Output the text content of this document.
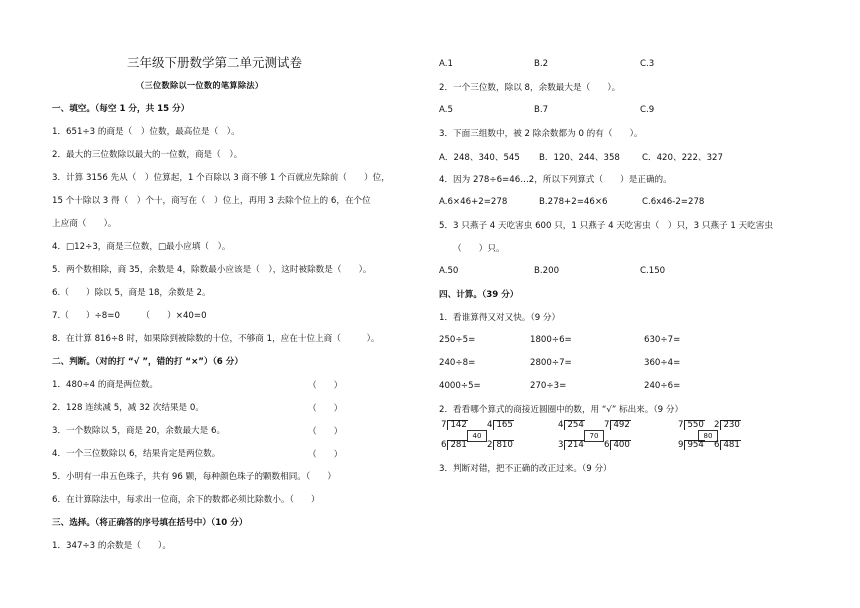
三年级下册数学第二单元测试卷
（三位数除以一位数的笔算除法）
一、填空。（每空 1 分，共 15 分）
1．651÷3 的商是（　）位数，最高位是（　）。
2．最大的三位数除以最大的一位数，商是（　）。
3．计算 3156 先从（　）位算起，1 个百除以 3 商不够 1 个百就应先除前（　　）位，
15 个十除以 3 得（　）个十，商写在（　）位上，再用 3 去除个位上的 6，在个位
上应商（　　）。
4．□12÷3，商是三位数，□最小应填（　）。
5．两个数相除，商 35，余数是 4，除数最小应该是（　），这时被除数是（　　）。
6.（　　）除以 5，商是 18，余数是 2。
7.（　　）÷8=0　　　（　　）×40=0
8．在计算 816÷8 时，如果除到被除数的十位，不够商 1，应在十位上商（　　　）。
二、判断。（对的打 “√ ”，错的打 “×”）（6 分）
1．480÷4 的商是两位数。	（　　）
2．128 连续减 5，减 32 次结果是 0。	（　　）
3．一个数除以 5，商是 20，余数最大是 6。	（　　）
4．一个三位数除以 6，结果肯定是两位数。	（　　）
5．小明有一串五色珠子，共有 96 颗，每种颜色珠子的颗数相同。（　　）
6．在计算除法中，每求出一位商，余下的数都必须比除数小。（　　）
三、选择。（将正确答的序号填在括号中）（10 分）
1．347÷3 的余数是（　　）。
A.1	B.2	C.3
2．一个三位数，除以 8，余数最大是（　　）。
A.5	B.7	C.9
3．下面三组数中，被 2 除余数都为 0 的有（　　）。
A．248、340、545 B．120、244、358	C．420、222、327
4．因为 278÷6=46…2，所以下列算式（　　）是正确的。
A.6×46+2=278	B.278+2=46×6	C.6x46-2=278
5．3 只燕子 4 天吃害虫 600 只，1 只燕子 4 天吃害虫（　）只，3 只燕子 1 天吃害虫
（　　）只。
A.50	B.200	C.150
四、计算。（39 分）
1．看谁算得又对又快。（9 分）
250÷5=	1800÷6=	630÷7=
240÷8=	2800÷7=	360÷4=
4000÷5=	270÷3=	240÷6=
2．看看哪个算式的商接近圆圈中的数，用 “√” 标出来。（9 分）
7 142 4 165
40
6 281 2 810
4 254 7 492
70
3 214 6 400
7 550 2 230
80
9 954 6 481
3．判断对错，把不正确的改正过来。（9 分）
